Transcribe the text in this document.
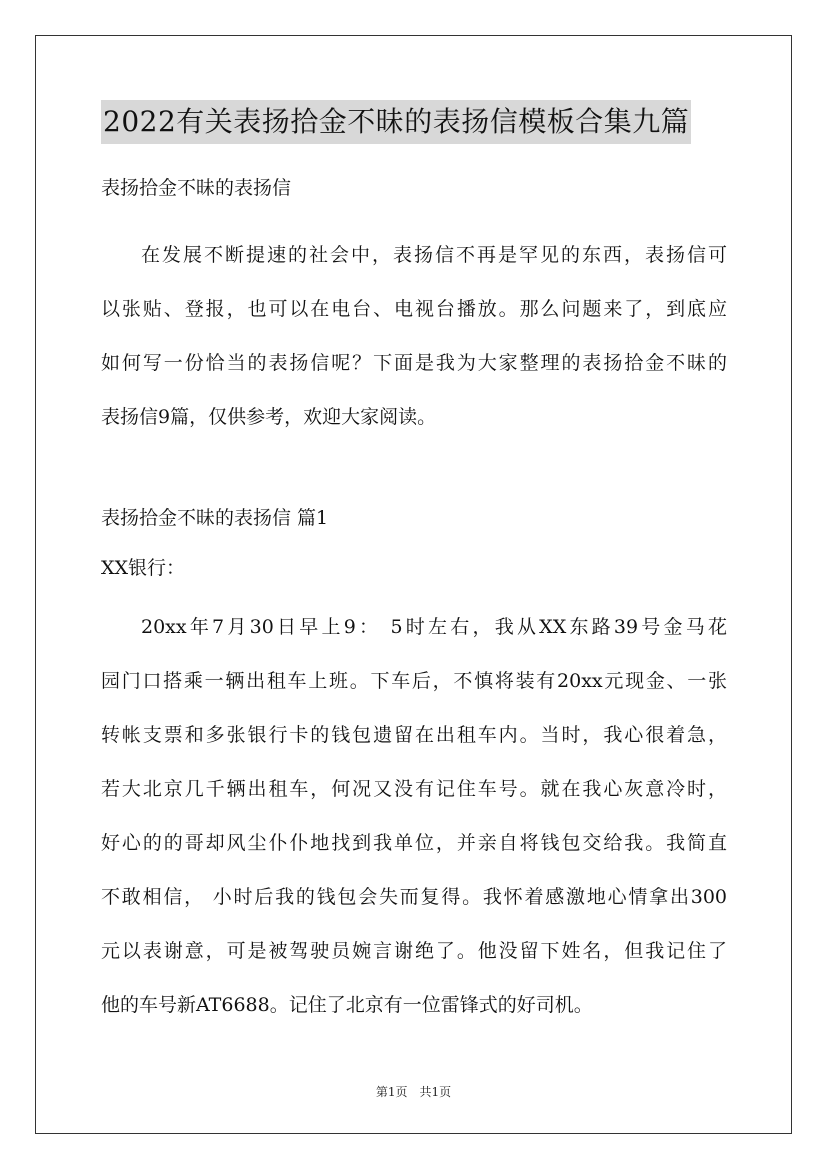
2022有关表扬拾金不昧的表扬信模板合集九篇
表扬拾金不昧的表扬信
在发展不断提速的社会中，表扬信不再是罕见的东西，表扬信可
以张贴、登报，也可以在电台、电视台播放。那么问题来了，到底应
如何写一份恰当的表扬信呢？下面是我为大家整理的表扬拾金不昧的
表扬信9篇，仅供参考，欢迎大家阅读。
表扬拾金不昧的表扬信 篇1
XX银行：
20xx年7月30日早上9： 5时左右，我从XX东路39号金马花
园门口搭乘一辆出租车上班。下车后，不慎将装有20xx元现金、一张
转帐支票和多张银行卡的钱包遗留在出租车内。当时，我心很着急，
若大北京几千辆出租车，何况又没有记住车号。就在我心灰意冷时，
好心的的哥却风尘仆仆地找到我单位，并亲自将钱包交给我。我简直
不敢相信， 小时后我的钱包会失而复得。我怀着感激地心情拿出300
元以表谢意，可是被驾驶员婉言谢绝了。他没留下姓名，但我记住了
他的车号新AT6688。记住了北京有一位雷锋式的好司机。
第1页 共1页
